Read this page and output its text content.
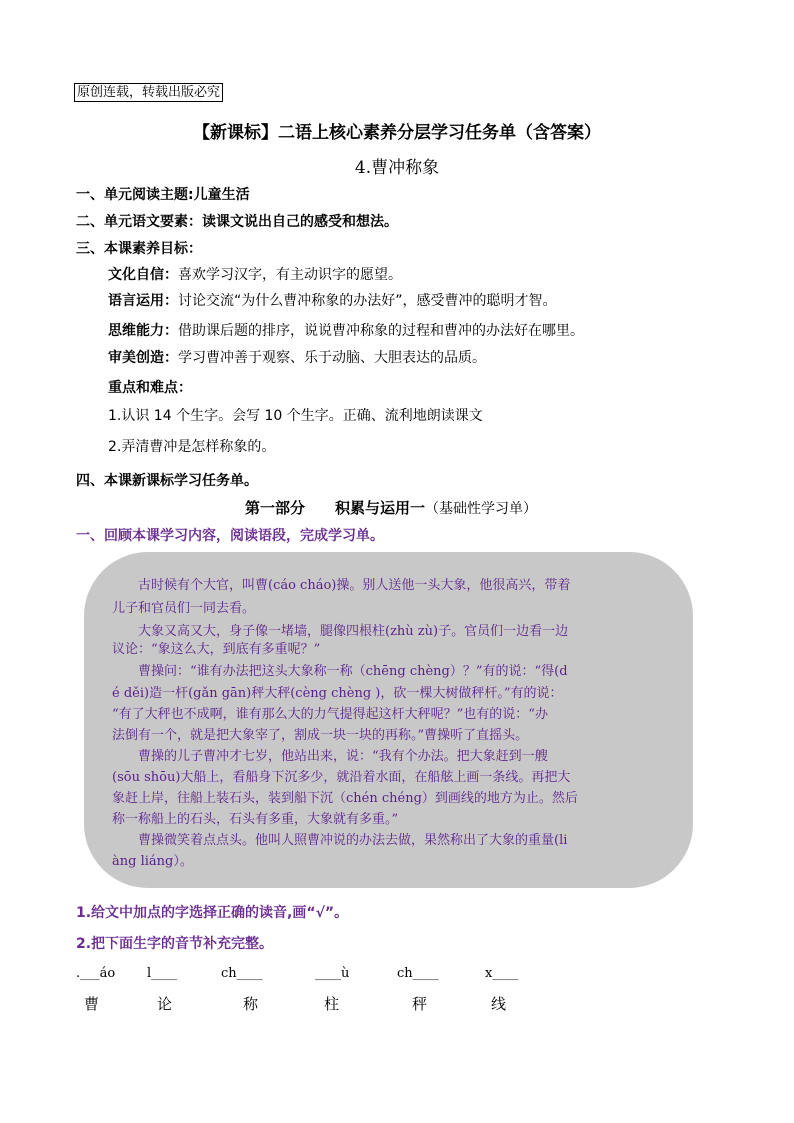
原创连载，转载出版必究
【新课标】二语上核心素养分层学习任务单（含答案）
4.曹冲称象
一、单元阅读主题:儿童生活
二、单元语文要素：读课文说出自己的感受和想法。
三、本课素养目标：
文化自信：喜欢学习汉字，有主动识字的愿望。
语言运用：讨论交流“为什么曹冲称象的办法好”，感受曹冲的聪明才智。
思维能力：借助课后题的排序，说说曹冲称象的过程和曹冲的办法好在哪里。
审美创造：学习曹冲善于观察、乐于动脑、大胆表达的品质。
重点和难点：
1.认识 14 个生字。会写 10 个生字。正确、流利地朗读课文
2.弄清曹冲是怎样称象的。
四、本课新课标学习任务单。
第一部分　　积累与运用一（基础性学习单）
一、回顾本课学习内容，阅读语段，完成学习单。
　　古时候有个大官，叫曹(cáo cháo)操。别人送他一头大象，他很高兴，带着
儿子和官员们一同去看。
　　大象又高又大，身子像一堵墙，腿像四根柱(zhù zù)子。官员们一边看一边
议论：“象这么大，到底有多重呢？”
　　曹操问：“谁有办法把这头大象称一称（chēng chèng）？”有的说：“得(d
é děi)造一杆(gǎn gān)秤大秤(cèng chèng )，砍一棵大树做秤杆。”有的说：
“有了大秤也不成啊，谁有那么大的力气提得起这杆大秤呢？”也有的说：“办
法倒有一个，就是把大象宰了，割成一块一块的再称。”曹操听了直摇头。
　　曹操的儿子曹冲才七岁，他站出来，说：“我有个办法。把大象赶到一艘
(sōu shōu)大船上，看船身下沉多少，就沿着水面，在船舷上画一条线。再把大
象赶上岸，往船上装石头，装到船下沉（chén chéng）到画线的地方为止。然后
称一称船上的石头，石头有多重，大象就有多重。”
　　曹操微笑着点点头。他叫人照曹冲说的办法去做，果然称出了大象的重量(li
àng liáng）。
1.给文中加点的字选择正确的读音,画“√”。
2.把下面生字的音节补充完整。
.___áo l____	ch____	____ù	ch____	x____
曹	论	称	柱	秤	线
